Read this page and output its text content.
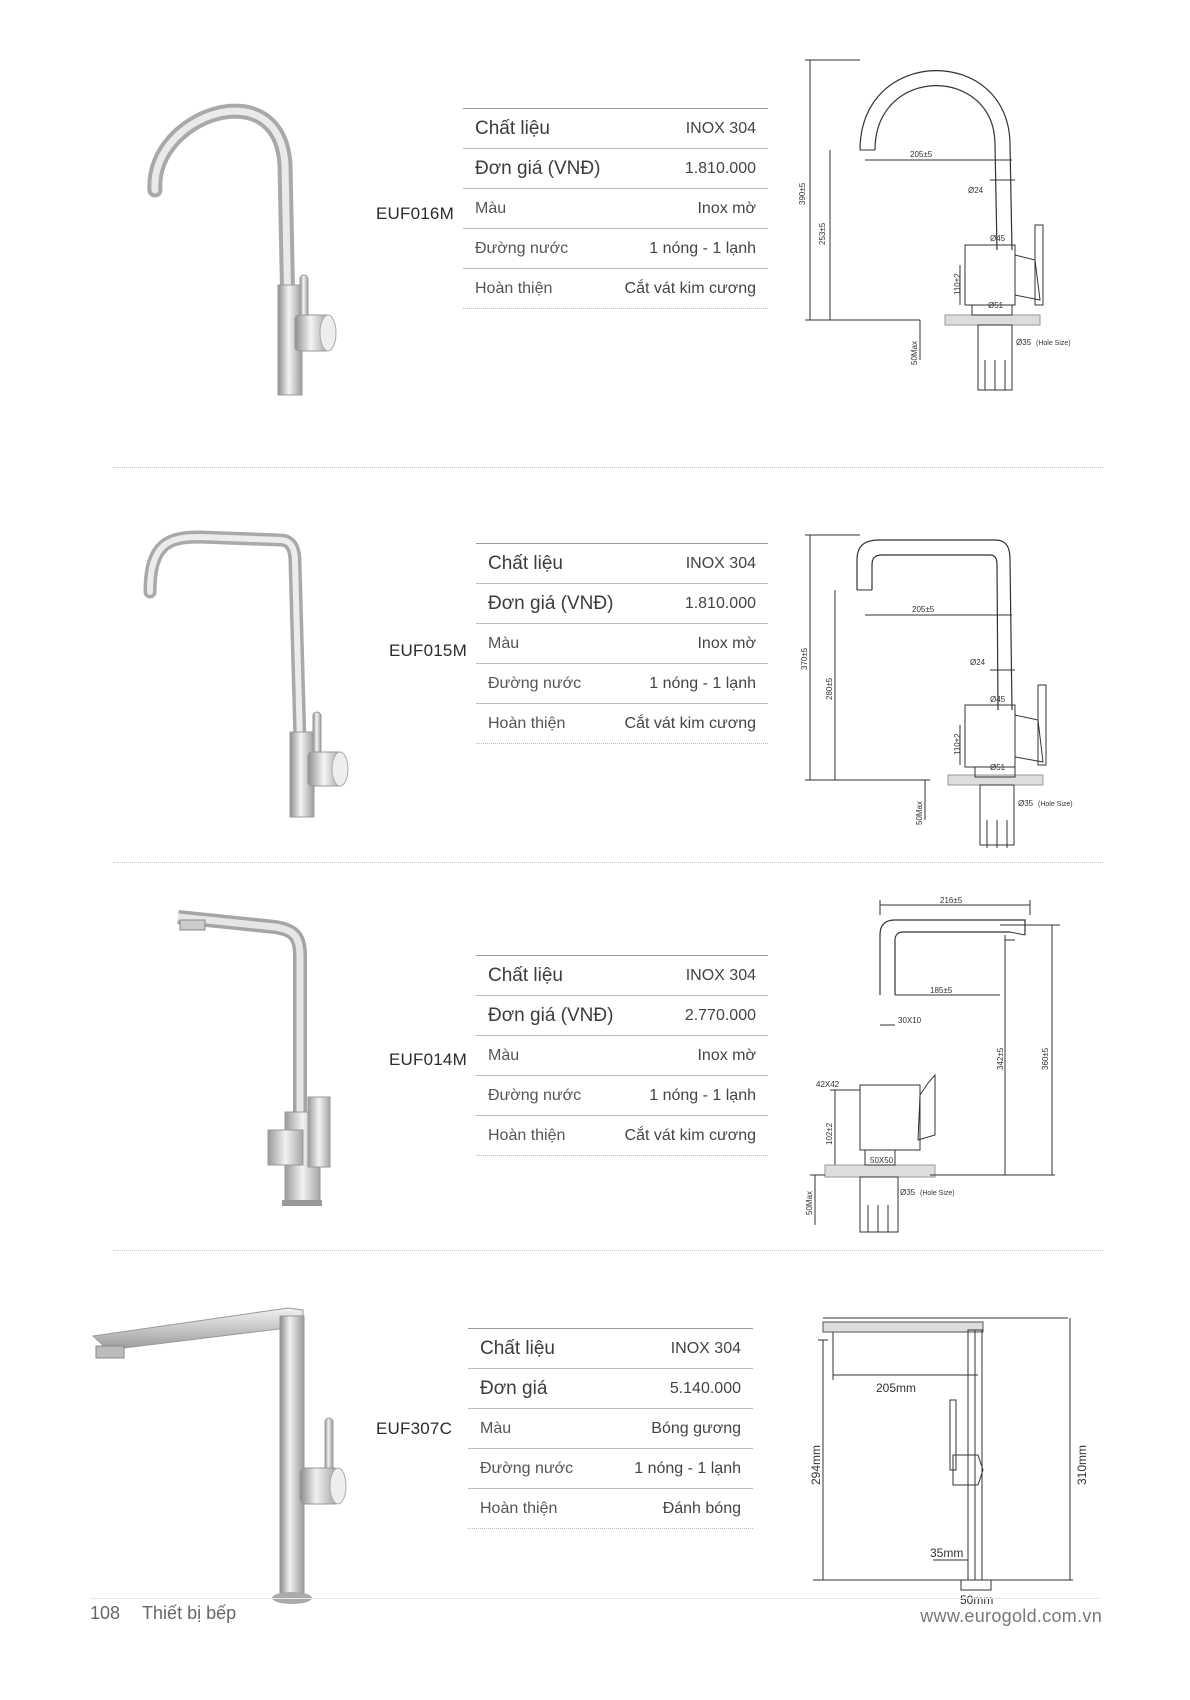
EUF016M
Chất liệu	INOX 304
Đơn giá (VNĐ)	1.810.000
Màu	Inox mờ
Đường nước	1 nóng - 1 lạnh
Hoàn thiện	Cắt vát kim cương
205±5
Ø24
390±5
253±5	Ø45
110±2
Ø51
50Max	Ø35 (Hole Size)
EUF015M
Chất liệu	INOX 304
Đơn giá (VNĐ)	1.810.000
Màu	Inox mờ
Đường nước	1 nóng - 1 lạnh
Hoàn thiện	Cắt vát kim cương
205±5
Ø24
370±5
280±5	Ø45
110±2
Ø51
50Max	Ø35 (Hole Size)
EUF014M
Chất liệu	INOX 304
Đơn giá (VNĐ)	2.770.000
Màu	Inox mờ
Đường nước	1 nóng - 1 lạnh
Hoàn thiện	Cắt vát kim cương
216±5
185±5
30X10
42X42
342±5	360±5
102±2
50X50
50Max	Ø35 (Hole Size)
EUF307C
Chất liệu	INOX 304
Đơn giá	5.140.000
Màu	Bóng gương
Đường nước	1 nóng - 1 lạnh
Hoàn thiện	Đánh bóng
205mm
294mm	310mm
35mm
50mm
108 Thiết bị bếp	www.eurogold.com.vn
